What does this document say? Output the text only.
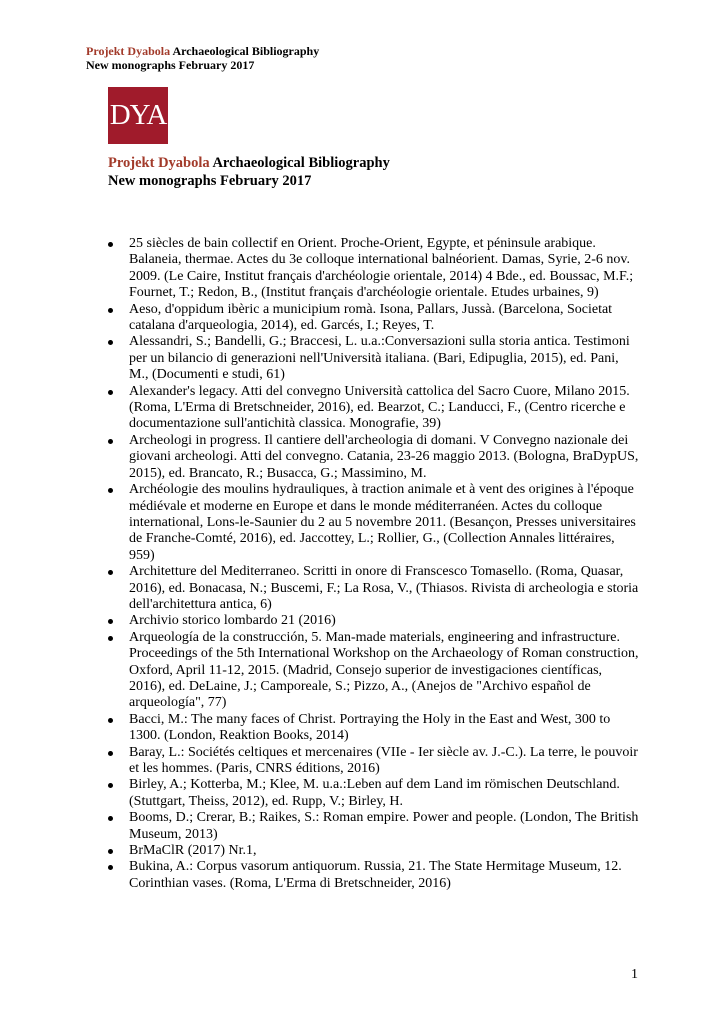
Projekt Dyabola Archaeological Bibliography
New monographs February 2017
DYA
Projekt Dyabola Archaeological Bibliography
New monographs February 2017
25 siècles de bain collectif en Orient. Proche-Orient, Egypte, et péninsule arabique. Balaneia, thermae. Actes du 3e colloque international balnéorient. Damas, Syrie, 2-6 nov. 2009. (Le Caire, Institut français d'archéologie orientale, 2014) 4 Bde., ed. Boussac, M.F.; Fournet, T.; Redon, B., (Institut français d'archéologie orientale. Etudes urbaines, 9)
Aeso, d'oppidum ibèric a municipium romà. Isona, Pallars, Jussà. (Barcelona, Societat catalana d'arqueologia, 2014), ed. Garcés, I.; Reyes, T.
Alessandri, S.; Bandelli, G.; Braccesi, L. u.a.:Conversazioni sulla storia antica. Testimoni per un bilancio di generazioni nell'Università italiana. (Bari, Edipuglia, 2015), ed. Pani, M., (Documenti e studi, 61)
Alexander's legacy. Atti del convegno Università cattolica del Sacro Cuore, Milano 2015. (Roma, L'Erma di Bretschneider, 2016), ed. Bearzot, C.; Landucci, F., (Centro ricerche e documentazione sull'antichità classica. Monografie, 39)
Archeologi in progress. Il cantiere dell'archeologia di domani. V Convegno nazionale dei giovani archeologi. Atti del convegno. Catania, 23-26 maggio 2013. (Bologna, BraDypUS, 2015), ed. Brancato, R.; Busacca, G.; Massimino, M.
Archéologie des moulins hydrauliques, à traction animale et à vent des origines à l'époque médiévale et moderne en Europe et dans le monde méditerranéen. Actes du colloque international, Lons-le-Saunier du 2 au 5 novembre 2011. (Besançon, Presses universitaires de Franche-Comté, 2016), ed. Jaccottey, L.; Rollier, G., (Collection Annales littéraires, 959)
Architetture del Mediterraneo. Scritti in onore di Franscesco Tomasello. (Roma, Quasar, 2016), ed. Bonacasa, N.; Buscemi, F.; La Rosa, V., (Thiasos. Rivista di archeologia e storia dell'architettura antica, 6)
Archivio storico lombardo 21 (2016)
Arqueología de la construcción, 5. Man-made materials, engineering and infrastructure. Proceedings of the 5th International Workshop on the Archaeology of Roman construction, Oxford, April 11-12, 2015. (Madrid, Consejo superior de investigaciones científicas, 2016), ed. DeLaine, J.; Camporeale, S.; Pizzo, A., (Anejos de "Archivo español de arqueología", 77)
Bacci, M.: The many faces of Christ. Portraying the Holy in the East and West, 300 to 1300. (London, Reaktion Books, 2014)
Baray, L.: Sociétés celtiques et mercenaires (VIIe - Ier siècle av. J.-C.). La terre, le pouvoir et les hommes. (Paris, CNRS éditions, 2016)
Birley, A.; Kotterba, M.; Klee, M. u.a.:Leben auf dem Land im römischen Deutschland. (Stuttgart, Theiss, 2012), ed. Rupp, V.; Birley, H.
Booms, D.; Crerar, B.; Raikes, S.: Roman empire. Power and people. (London, The British Museum, 2013)
BrMaClR (2017) Nr.1,
Bukina, A.: Corpus vasorum antiquorum. Russia, 21. The State Hermitage Museum, 12. Corinthian vases. (Roma, L'Erma di Bretschneider, 2016)
1
